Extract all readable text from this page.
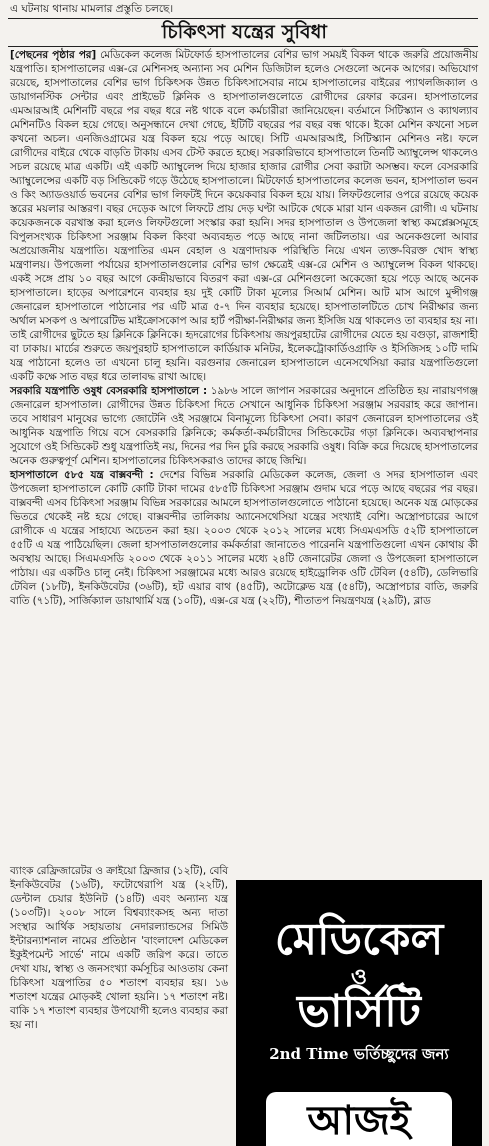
এ ঘটনায় থানায় মামলার প্রস্তুতি চলছে।
চিকিৎসা যন্ত্রের সুবিধা

[পেছনের পৃষ্ঠার পর] মেডিকেল কলেজ মিটফোর্ড হাসপাতালের বেশির ভাগ সময়ই বিকল থাকে জরুরি প্রয়োজনীয় যন্ত্রপাতি। হাসপাতালের এক্স-রে মেশিনসহ অন্যান্য সব মেশিন ডিজিটাল হলেও সেগুলো অনেক আগের। অভিযোগ রয়েছে, হাসপাতালের বেশির ভাগ চিকিৎসক উন্নত চিকিৎসাসেবার নামে হাসপাতালের বাইরের প্যাথলজিক্যাল ও ডায়াগনস্টিক সেন্টার এবং প্রাইভেট ক্লিনিক ও হাসপাতালগুলোতে রোগীদের রেফার করেন। হাসপাতালের এমআরআই মেশিনটি বছরে পর বছর ধরে নষ্ট থাকে বলে কর্মচারীরা জানিয়েছেন। বর্তমানে সিটিস্ক্যান ও ক্যাথল্যাব মেশিনটিও বিকল হয়ে গেছে। অনুসন্ধানে দেখা গেছে, ইটিটি বছরের পর বছর বন্ধ থাকে। ইকো মেশিন কখনো সচল কখনো অচল। এনজিওগ্রামের যন্ত্র বিকল হয়ে পড়ে আছে। সিটি এমআরআই, সিটিস্ক্যান মেশিনও নষ্ট। ফলে রোগীদের বাইরে থেকে বাড়তি টাকায় এসব টেস্ট করতে হচ্ছে। সরকারিভাবে হাসপাতালে তিনটি অ্যাম্বুলেন্স থাকলেও সচল রয়েছে মাত্র একটি। এই একটি অ্যাম্বুলেন্স দিয়ে হাজার হাজার রোগীর সেবা করাটা অসম্ভব। ফলে বেসরকারি অ্যাম্বুলেন্সের একটি বড় সিন্ডিকেট গড়ে উঠেছে হাসপাতালে। মিটফোর্ড হাসপাতালের কলেজ ভবন, হাসপাতাল ভবন ও কিং অ্যাডওয়ার্ড ভবনের বেশির ভাগ লিফটই দিনে কয়েকবার বিকল হয়ে যায়। লিফটগুলোর ওপরে রয়েছে কয়েক স্তরের ময়লার আস্তরণ। বছর দেড়েক আগে লিফটে প্রায় দেড় ঘণ্টা আটকে থেকে মারা যান একজন রোগী। এ ঘটনায় কয়েকজনকে বরখাস্ত করা হলেও লিফটগুলো সংস্কার করা হয়নি। সদর হাসপাতাল ও উপজেলা স্বাস্থ্য কমপ্লেক্সসমূহে বিপুলসংখ্যক চিকিৎসা সরঞ্জাম বিকল কিংবা অব্যবহৃত পড়ে আছে নানা জটিলতায়। এর অনেকগুলো আবার অপ্রয়োজনীয় যন্ত্রপাতি। যন্ত্রপাতির এমন বেহাল ও যন্ত্রণাদায়ক পরিস্থিতি নিয়ে এখন ত্যক্ত-বিরক্ত খোদ স্বাস্থ্য মন্ত্রণালয়। উপজেলা পর্যায়ের হাসপাতালগুলোর বেশির ভাগ ক্ষেত্রেই এক্স-রে মেশিন ও অ্যাম্বুলেন্স বিকল থাকছে। একই সঙ্গে প্রায় ১০ বছর আগে কেন্দ্রীয়ভাবে বিতরণ করা এক্স-রে মেশিনগুলো অকেজো হয়ে পড়ে আছে অনেক হাসপাতালে। হাড়ের অপারেশনে ব্যবহার হয় দুই কোটি টাকা মূল্যের সিআর্ম মেশিন। আট মাস আগে মুন্সীগঞ্জ জেনারেল হাসপাতালে পাঠানোর পর এটি মাত্র ৫-৭ দিন ব্যবহার হয়েছে। হাসপাতালটিতে চোখ নিরীক্ষার জন্য অর্থাল মসকপ ও অপারেটিভ মাইক্রোসকোপ আর হার্ট পরীক্ষা-নিরীক্ষার জন্য ইসিজি যন্ত্র থাকলেও তা ব্যবহার হয় না। তাই রোগীদের ছুটতে হয় ক্লিনিকে ক্লিনিকে। হৃদরোগের চিকিৎসায় জয়পুরহাটের রোগীদের যেতে হয় বগুড়া, রাজশাহী বা ঢাকায়। মার্চের শুরুতে জয়পুরহাট হাসপাতালে কার্ডিয়াক মনিটর, ইলেকট্রোকার্ডিওগ্রাফি ও ইসিজিসহ ১০টি দামি যন্ত্র পাঠানো হলেও তা এখনো চালু হয়নি। বরগুনার জেনারেল হাসপাতালে এনেসথেসিয়া করার যন্ত্রপাতিগুলো একটি কক্ষে সাত বছর ধরে তালাবদ্ধ রাখা আছে।

সরকারি যন্ত্রপাতি ওষুধ বেসরকারি হাসপাতালে : ১৯৮৬ সালে জাপান সরকারের অনুদানে প্রতিষ্ঠিত হয় নারায়ণগঞ্জ জেনারেল হাসপাতাল। রোগীদের উন্নত চিকিৎসা দিতে সেখানে আধুনিক চিকিৎসা সরঞ্জাম সরবরাহ করে জাপান। তবে সাধারণ মানুষের ভাগ্যে জোটেনি ওই সরঞ্জামে বিনামূল্যে চিকিৎসা সেবা। কারণ জেনারেল হাসপাতালের ওই আধুনিক যন্ত্রপাতি গিয়ে বসে বেসরকারি ক্লিনিকে; কর্মকর্তা-কর্মচারীদের সিন্ডিকেটের গড়া ক্লিনিকে। অব্যবস্থাপনার সুযোগে ওই সিন্ডিকেট শুধু যন্ত্রপাতিই নয়, দিনের পর দিন চুরি করছে সরকারি ওষুধ। বিক্রি করে দিয়েছে হাসপাতালের অনেক গুরুত্বপূর্ণ মেশিন। হাসপাতালের চিকিৎসকরাও তাদের কাছে জিম্মি।

হাসপাতালে ৫৮৫ যন্ত্র বাক্সবন্দী : দেশের বিভিন্ন সরকারি মেডিকেল কলেজ, জেলা ও সদর হাসপাতাল এবং উপজেলা হাসপাতালে কোটি কোটি টাকা দামের ৫৮৫টি চিকিৎসা সরঞ্জাম গুদাম ঘরে পড়ে আছে বছরের পর বছর। বাক্সবন্দী এসব চিকিৎসা সরঞ্জাম বিভিন্ন সরকারের আমলে হাসপাতালগুলোতে পাঠানো হয়েছে। অনেক যন্ত্র মোড়কের ভিতরে থেকেই নষ্ট হয়ে গেছে। বাক্সবন্দীর তালিকায় অ্যানেসথেসিয়া যন্ত্রের সংখ্যাই বেশি। অস্ত্রোপচারের আগে রোগীকে এ যন্ত্রের সাহায্যে অচেতন করা হয়। ২০০৩ থেকে ২০১২ সালের মধ্যে সিএমএসডি ৫২টি হাসপাতালে ৫৫টি এ যন্ত্র পাঠিয়েছিল। জেলা হাসপাতালগুলোর কর্মকর্তারা জানাতেও পারেননি যন্ত্রপাতিগুলো এখন কোথায় কী অবস্থায় আছে। সিএমএসডি ২০০৩ থেকে ২০১১ সালের মধ্যে ২৪টি জেনারেটর জেলা ও উপজেলা হাসপাতালে পাঠায়। এর একটিও চালু নেই। চিকিৎসা সরঞ্জামের মধ্যে আরও রয়েছে হাইড্রোলিক ওটি টেবিল (৫৪টি), ডেলিভারি টেবিল (১৮টি), ইনকিউবেটর (৩৬টি), হট এয়ার বাথ (৪৫টি), অটোক্লেভ যন্ত্র (৫৪টি), অস্ত্রোপচার বাতি, জরুরি বাতি (৭১টি), সার্জিক্যাল ডায়াথার্মি যন্ত্র (১০টি), এক্স-রে যন্ত্র (২২টি), শীতাতপ নিয়ন্ত্রণযন্ত্র (২৯টি), ব্লাড

ব্যাংক রেফ্রিজারেটর ও ক্রাইয়ো ফ্রিজার (১২টি), বেবি ইনকিউবেটর (১৬টি), ফটোথেরাপি যন্ত্র (২২টি), ডেন্টাল চেয়ার ইউনিট (১৪টি) এবং অন্যান্য যন্ত্র (১০৩টি)। ২০০৮ সালে বিশ্বব্যাংকসহ অন্য দাতা সংস্থার আর্থিক সহায়তায় নেদারল্যান্ডসের সিমিউ ইন্টারন্যাশনাল নামের প্রতিষ্ঠান 'বাংলাদেশ মেডিকেল ইকুইপমেন্ট সার্ভে' নামে একটি জরিপ করে। তাতে দেখা যায়, স্বাস্থ্য ও জনসংখ্যা কর্মসূচির আওতায় কেনা চিকিৎসা যন্ত্রপাতির ৫০ শতাংশ ব্যবহার হয়। ১৬ শতাংশ যন্ত্রের মোড়কই খোলা হয়নি। ১৭ শতাংশ নষ্ট। বাকি ১৭ শতাংশ ব্যবহার উপযোগী হলেও ব্যবহার করা হয় না।
মেডিকেল
ও
ভার্সিটি
2nd Time ভর্তিচ্ছুদের জন্য
আজই
